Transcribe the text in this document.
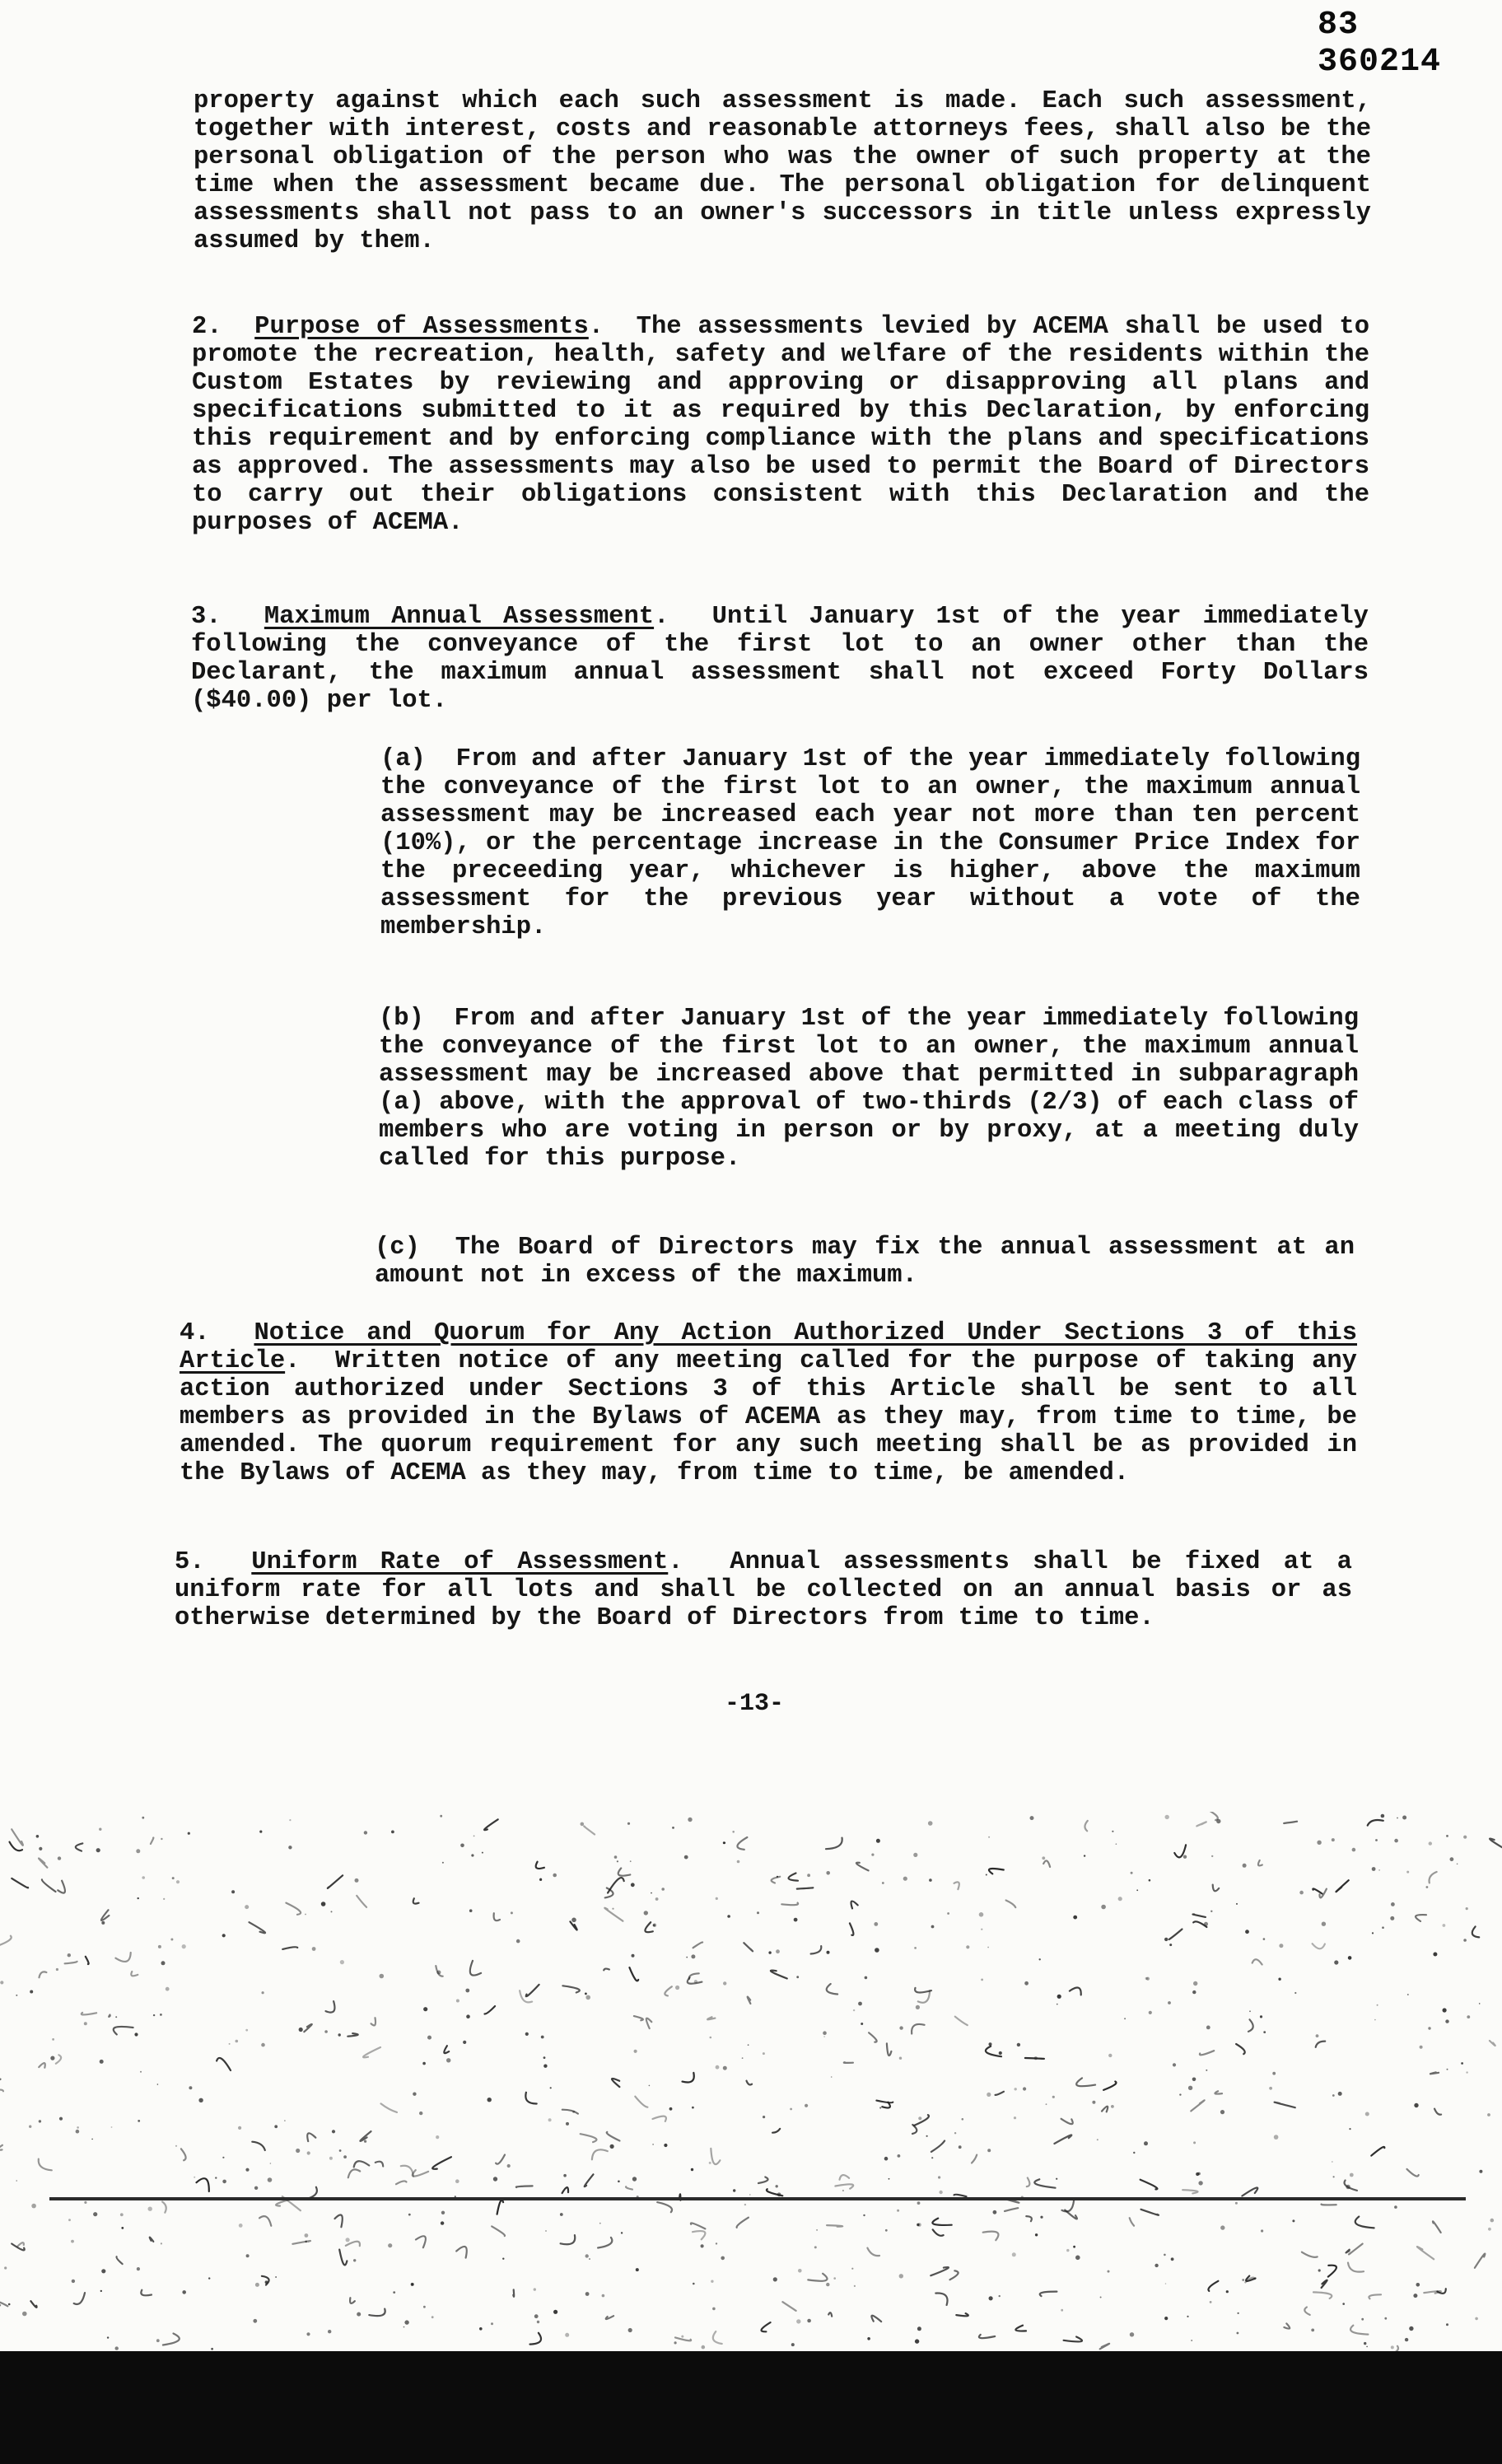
83 360214

property against which each such assessment is made. Each such assessment, together with interest, costs and reasonable attorneys fees, shall also be the personal obligation of the person who was the owner of such property at the time when the assessment became due. The personal obligation for delinquent assessments shall not pass to an owner's successors in title unless expressly assumed by them.

2. Purpose of Assessments.  The assessments levied by ACEMA shall be used to promote the recreation, health, safety and welfare of the residents within the Custom Estates by reviewing and approving or disapproving all plans and specifications submitted to it as required by this Declaration, by enforcing this requirement and by enforcing compliance with the plans and specifications as approved. The assessments may also be used to permit the Board of Directors to carry out their obligations consistent with this Declaration and the purposes of ACEMA.

3. Maximum Annual Assessment.  Until January 1st of the year immediately following the conveyance of the first lot to an owner other than the Declarant, the maximum annual assessment shall not exceed Forty Dollars ($40.00) per lot.

(a) From and after January 1st of the year immediately following the conveyance of the first lot to an owner, the maximum annual assessment may be increased each year not more than ten percent (10%), or the percentage increase in the Consumer Price Index for the preceeding year, whichever is higher, above the maximum assessment for the previous year without a vote of the membership.

(b) From and after January 1st of the year immediately following the conveyance of the first lot to an owner, the maximum annual assessment may be increased above that permitted in subparagraph (a) above, with the approval of two-thirds (2/3) of each class of members who are voting in person or by proxy, at a meeting duly called for this purpose.

(c) The Board of Directors may fix the annual assessment at an amount not in excess of the maximum.

4. Notice and Quorum for Any Action Authorized Under Sections 3 of this Article.  Written notice of any meeting called for the purpose of taking any action authorized under Sections 3 of this Article shall be sent to all members as provided in the Bylaws of ACEMA as they may, from time to time, be amended. The quorum requirement for any such meeting shall be as provided in the Bylaws of ACEMA as they may, from time to time, be amended.

5. Uniform Rate of Assessment.  Annual assessments shall be fixed at a uniform rate for all lots and shall be collected on an annual basis or as otherwise determined by the Board of Directors from time to time.

-13-
